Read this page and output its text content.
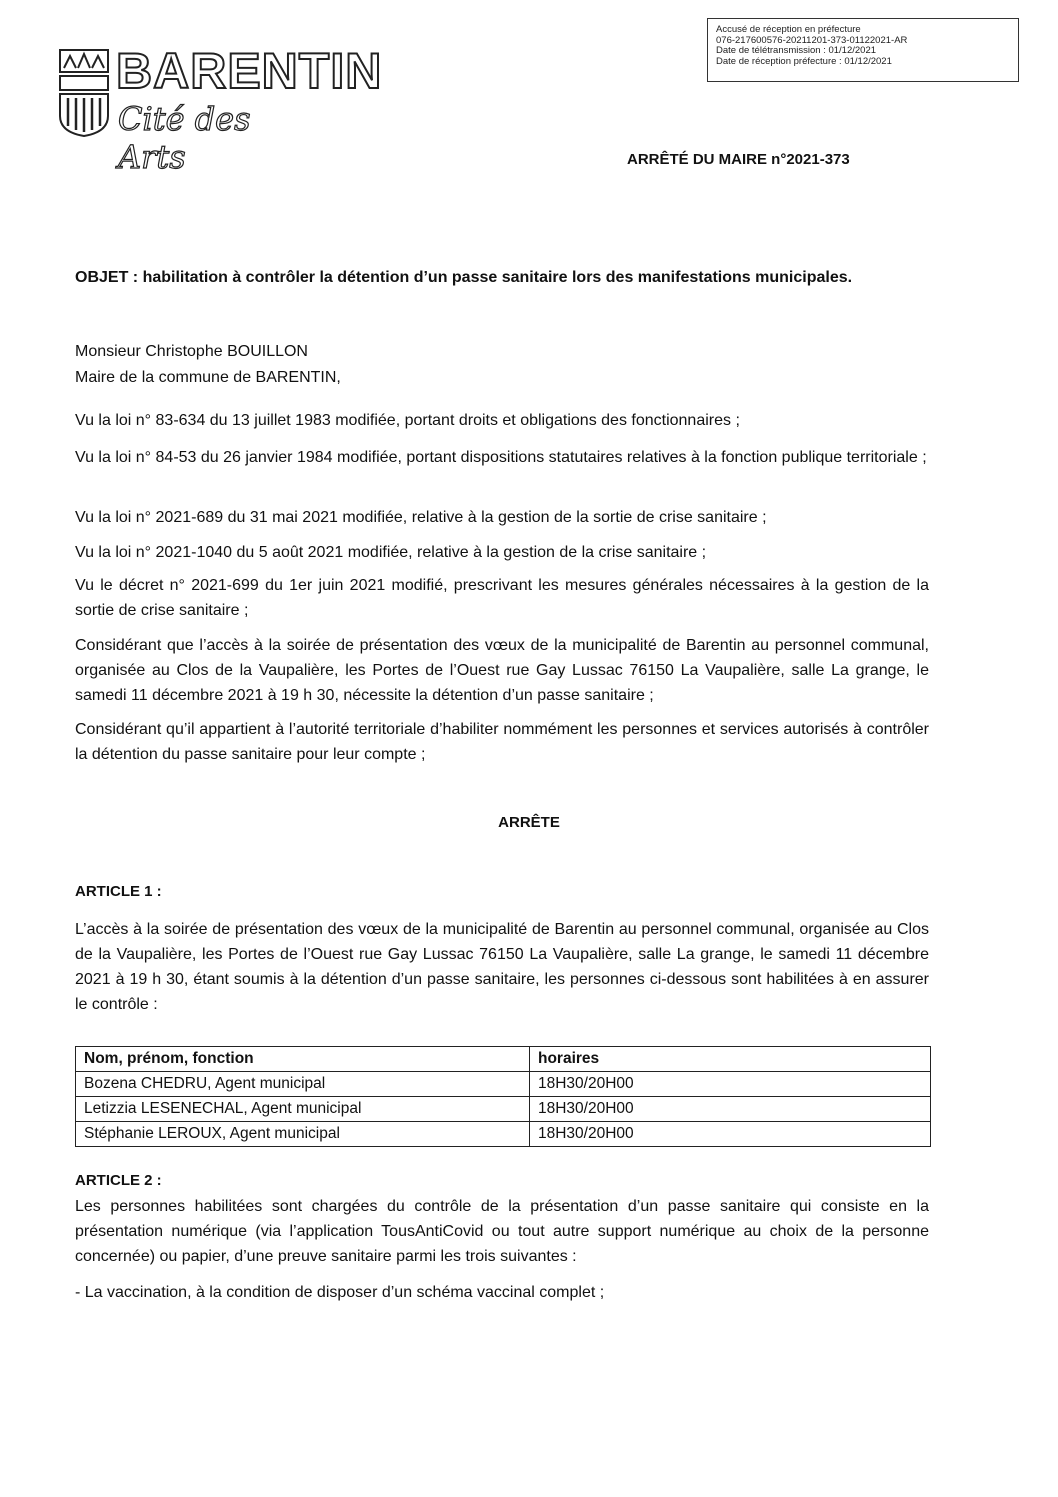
Accusé de réception en préfecture
076-217600576-20211201-373-01122021-AR
Date de télétransmission : 01/12/2021
Date de réception préfecture : 01/12/2021
BARENTIN
Cité des Arts	ARRÊTÉ DU MAIRE n°2021-373
OBJET : habilitation à contrôler la détention d’un passe sanitaire lors des manifestations municipales.
Monsieur Christophe BOUILLON
Maire de la commune de BARENTIN,
Vu la loi n° 83-634 du 13 juillet 1983 modifiée, portant droits et obligations des fonctionnaires ;
Vu la loi n° 84-53 du 26 janvier 1984 modifiée, portant dispositions statutaires relatives à la fonction publique territoriale ;
Vu la loi n° 2021-689 du 31 mai 2021 modifiée, relative à la gestion de la sortie de crise sanitaire ;
Vu la loi n° 2021-1040 du 5 août 2021 modifiée, relative à la gestion de la crise sanitaire ;
Vu le décret n° 2021-699 du 1er juin 2021 modifié, prescrivant les mesures générales nécessaires à la gestion de la sortie de crise sanitaire ;
Considérant que l’accès à la soirée de présentation des vœux de la municipalité de Barentin au personnel communal, organisée au Clos de la Vaupalière, les Portes de l’Ouest rue Gay Lussac 76150 La Vaupalière, salle La grange, le samedi 11 décembre 2021 à 19 h 30, nécessite la détention d’un passe sanitaire ;
Considérant qu’il appartient à l’autorité territoriale d’habiliter nommément les personnes et services autorisés à contrôler la détention du passe sanitaire pour leur compte ;
ARRÊTE
ARTICLE 1 :
L’accès à la soirée de présentation des vœux de la municipalité de Barentin au personnel communal, organisée au Clos de la Vaupalière, les Portes de l’Ouest rue Gay Lussac 76150 La Vaupalière, salle La grange, le samedi 11 décembre 2021 à 19 h 30, étant soumis à la détention d’un passe sanitaire, les personnes ci-dessous sont habilitées à en assurer le contrôle :
Nom, prénom, fonction	horaires
Bozena CHEDRU, Agent municipal	18H30/20H00
Letizzia LESENECHAL, Agent municipal	18H30/20H00
Stéphanie LEROUX, Agent municipal	18H30/20H00
ARTICLE 2 :
Les personnes habilitées sont chargées du contrôle de la présentation d’un passe sanitaire qui consiste en la présentation numérique (via l’application TousAntiCovid ou tout autre support numérique au choix de la personne concernée) ou papier, d’une preuve sanitaire parmi les trois suivantes :
- La vaccination, à la condition de disposer d’un schéma vaccinal complet ;
